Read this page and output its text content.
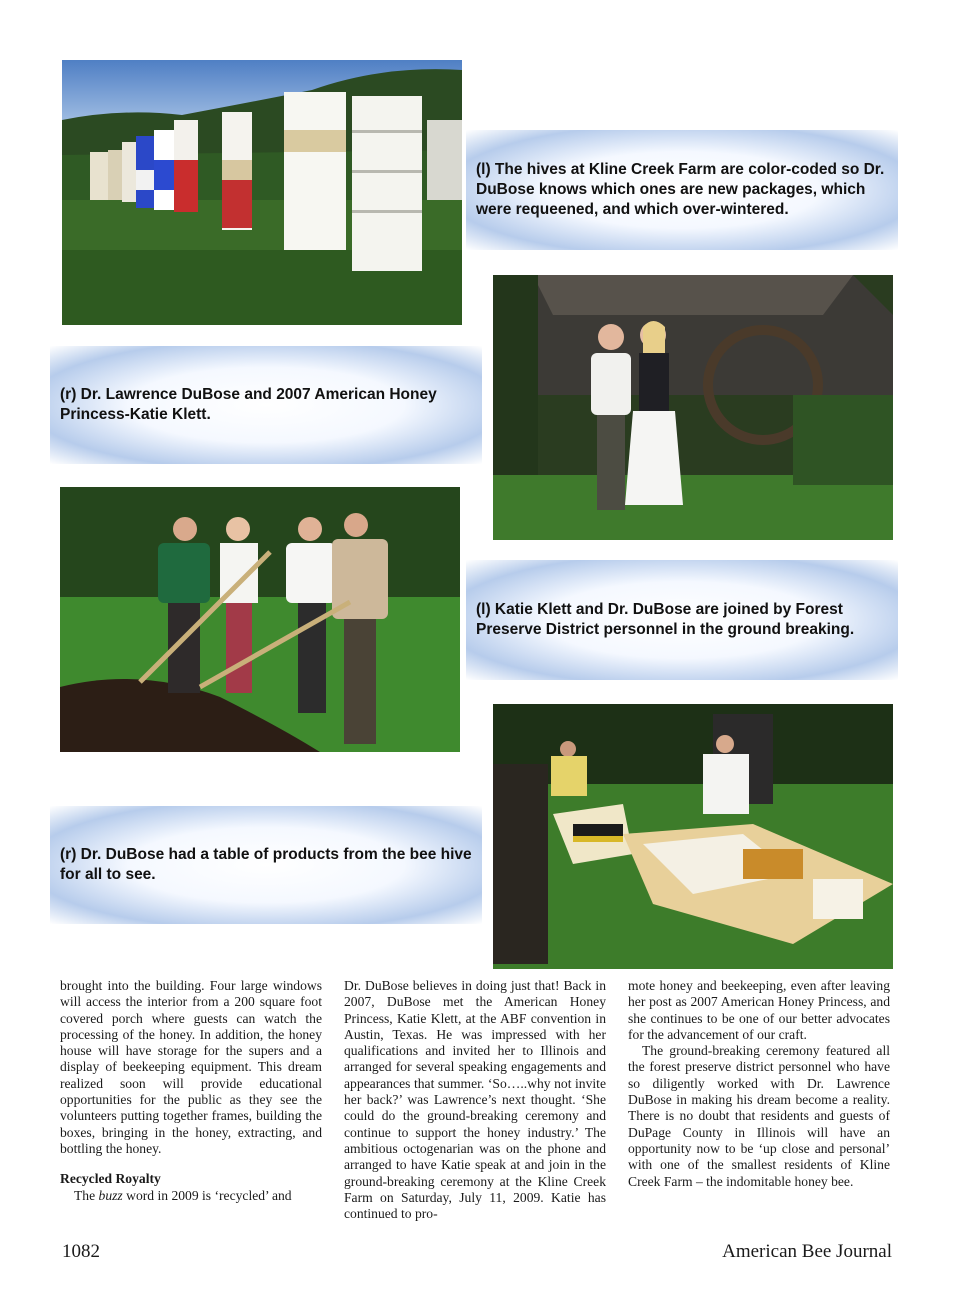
(l) The hives at Kline Creek Farm are color-coded so Dr. DuBose knows which ones are new packages, which were requeened, and which over-wintered.
(r) Dr. Lawrence DuBose and 2007 American Honey Princess-Katie Klett.
(l) Katie Klett and Dr. DuBose are joined by Forest Preserve District personnel in the ground breaking.
(r) Dr. DuBose had a table of products from the bee hive for all to see.

brought into the building. Four large windows will access the interior from a 200 square foot covered porch where guests can watch the processing of the honey. In addition, the honey house will have storage for the supers and a display of beekeeping equipment. This dream realized soon will provide educational opportunities for the public as they see the volunteers putting together frames, building the boxes, bringing in the honey, extracting, and bottling the honey.

Recycled Royalty

The buzz word in 2009 is ‘recycled’ and

Dr. DuBose believes in doing just that! Back in 2007, DuBose met the American Honey Princess, Katie Klett, at the ABF convention in Austin, Texas. He was impressed with her qualifications and invited her to Illinois and arranged for several speaking engagements and appearances that summer. ‘So…..why not invite her back?’ was Lawrence’s next thought. ‘She could do the ground-breaking ceremony and continue to support the honey industry.’ The ambitious octogenarian was on the phone and arranged to have Katie speak at and join in the ground-breaking ceremony at the Kline Creek Farm on Saturday, July 11, 2009. Katie has continued to pro-

mote honey and beekeeping, even after leaving her post as 2007 American Honey Princess, and she continues to be one of our better advocates for the advancement of our craft.

The ground-breaking ceremony featured all the forest preserve district personnel who have so diligently worked with Dr. Lawrence DuBose in making his dream become a reality. There is no doubt that residents and guests of DuPage County in Illinois will have an opportunity now to be ‘up close and personal’ with one of the smallest residents of Kline Creek Farm – the indomitable honey bee.

1082	American Bee Journal
